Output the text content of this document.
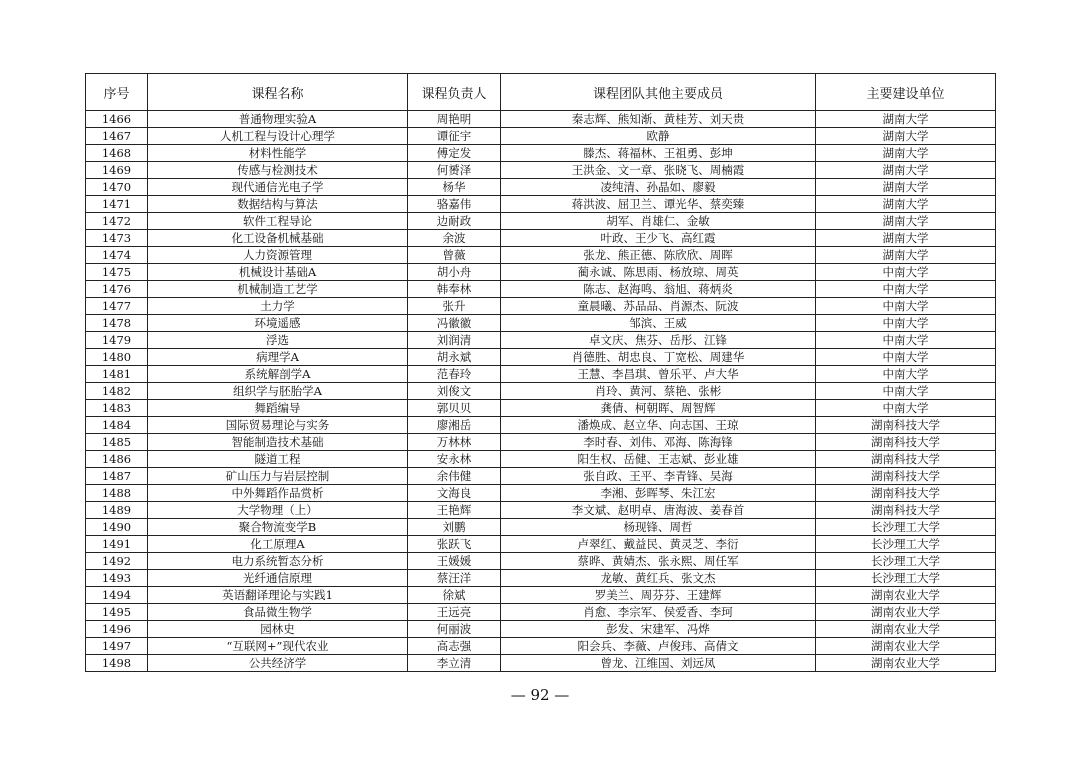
序号	课程名称	课程负责人	课程团队其他主要成员	主要建设单位
1466	普通物理实验A	周艳明	秦志辉、熊知渐、黄桂芳、刘天贵	湖南大学
1467	人机工程与设计心理学	谭征宇	欧静	湖南大学
1468	材料性能学	傅定发	滕杰、蒋福林、王祖勇、彭坤	湖南大学
1469	传感与检测技术	何赟泽	王洪金、文一章、张晓飞、周楠霞	湖南大学
1470	现代通信光电子学	杨华	凌纯清、孙晶如、廖毅	湖南大学
1471	数据结构与算法	骆嘉伟	蒋洪波、屈卫兰、谭光华、蔡奕臻	湖南大学
1472	软件工程导论	边耐政	胡军、肖雄仁、金敏	湖南大学
1473	化工设备机械基础	余波	叶政、王少飞、高红霞	湖南大学
1474	人力资源管理	曾薇	张龙、熊正德、陈欣欣、周晖	湖南大学
1475	机械设计基础A	胡小舟	蔺永诚、陈思雨、杨放琼、周英	中南大学
1476	机械制造工艺学	韩奉林	陈志、赵海鸣、翁旭、蒋炳炎	中南大学
1477	土力学	张升	童晨曦、苏品品、肖源杰、阮波	中南大学
1478	环境遥感	冯徽徽	邹滨、王威	中南大学
1479	浮选	刘润清	卓文庆、焦芬、岳彤、江锋	中南大学
1480	病理学A	胡永斌	肖德胜、胡忠良、丁宽松、周建华	中南大学
1481	系统解剖学A	范春玲	王慧、李昌琪、曾乐平、卢大华	中南大学
1482	组织学与胚胎学A	刘俊文	肖玲、黄河、蔡艳、张彬	中南大学
1483	舞蹈编导	郭贝贝	龚倩、柯朝晖、周智辉	中南大学
1484	国际贸易理论与实务	廖湘岳	潘焕成、赵立华、向志国、王琼	湖南科技大学
1485	智能制造技术基础	万林林	李时春、刘伟、邓海、陈海锋	湖南科技大学
1486	隧道工程	安永林	阳生权、岳健、王志斌、彭业雄	湖南科技大学
1487	矿山压力与岩层控制	余伟健	张自政、王平、李青锋、吴海	湖南科技大学
1488	中外舞蹈作品赏析	文海良	李湘、彭晖琴、朱江宏	湖南科技大学
1489	大学物理（上）	王艳辉	李文斌、赵明卓、唐海波、姜春首	湖南科技大学
1490	聚合物流变学B	刘鹏	杨现锋、周哲	长沙理工大学
1491	化工原理A	张跃飞	卢翠红、戴益民、黄灵芝、李衍	长沙理工大学
1492	电力系统暂态分析	王媛媛	蔡晔、黄婧杰、张永熙、周任军	长沙理工大学
1493	光纤通信原理	蔡汪洋	龙敏、黄红兵、张文杰	长沙理工大学
1494	英语翻译理论与实践1	徐斌	罗美兰、周芬芬、王建辉	湖南农业大学
1495	食品微生物学	王远亮	肖愈、李宗军、侯爱香、李珂	湖南农业大学
1496	园林史	何丽波	彭发、宋建军、冯烨	湖南农业大学
1497	“互联网+”现代农业	高志强	阳会兵、李薇、卢俊玮、高倩文	湖南农业大学
1498	公共经济学	李立清	曾龙、江维国、刘远凤	湖南农业大学
— 92 —
